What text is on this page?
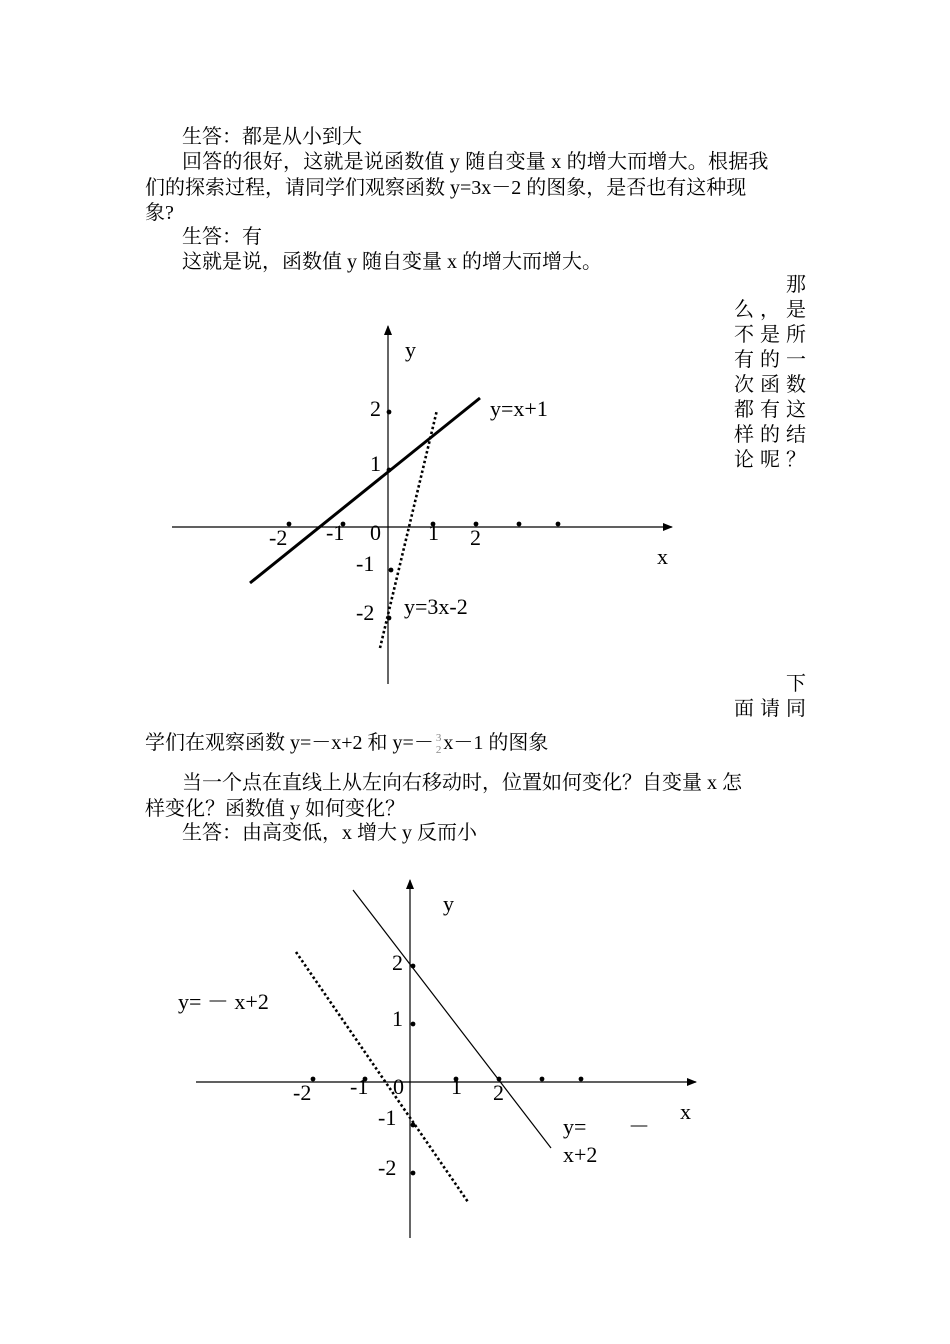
生答：都是从小到大
回答的很好，这就是说函数值 y 随自变量 x 的增大而增大。根据我
们的探索过程，请同学们观察函数 y=3x－2 的图象，是否也有这种现
象?
生答：有
这就是说，函数值 y 随自变量 x 的增大而增大。
那
么，是
不是所
有的一
次函数
都有这
样的结
论呢？
下
面请同
学们在观察函数 y=－x+2 和 y=－ 3
2 x－1 的图象
当一个点在直线上从左向右移动时，位置如何变化？自变量 x 怎
样变化？函数值 y 如何变化？
生答：由高变低，x 增大 y 反而小
y
x
-2 -1 0 1 2
2
1
-1
-2
y=x+1
y=3x-2
y
x
-2 -1 0 1 2
2
1
-1
-2
y= － x+2
y= －
x+2
